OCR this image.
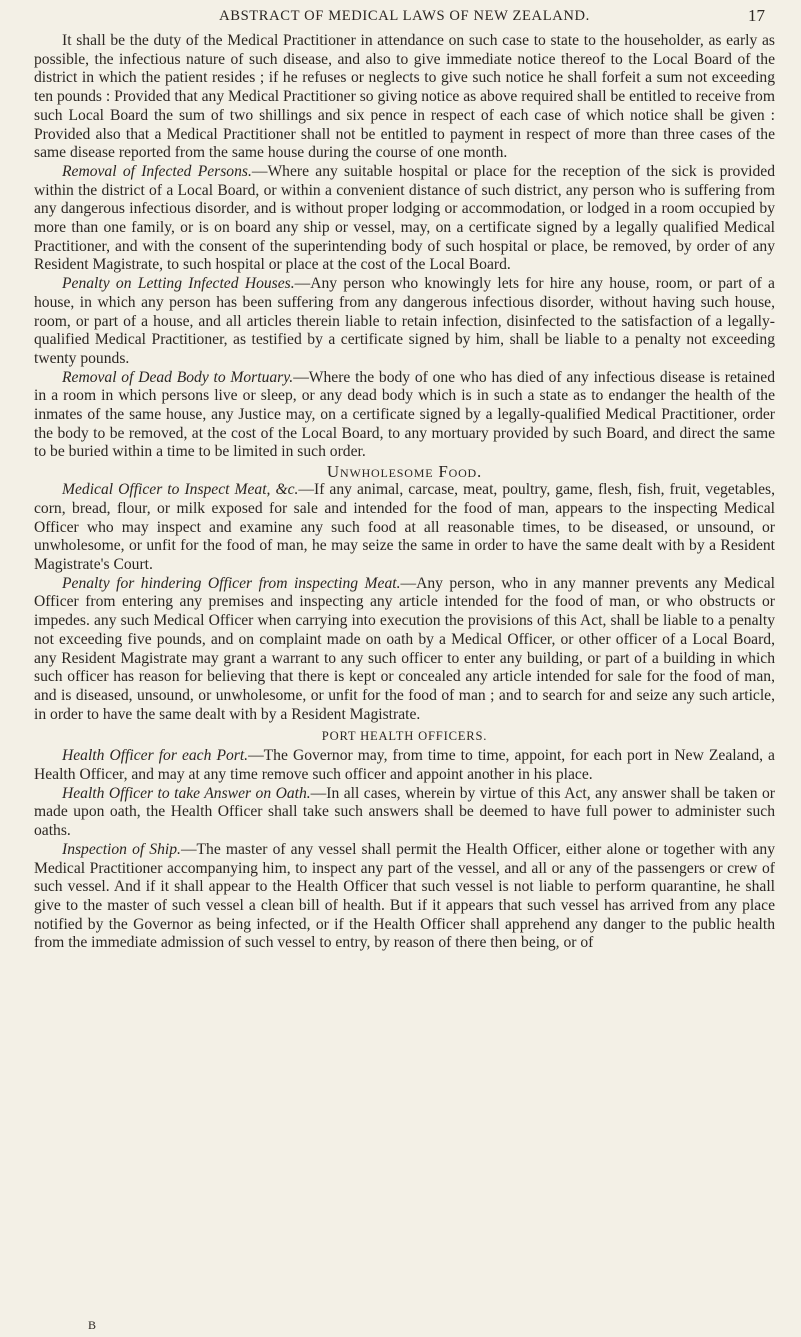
ABSTRACT OF MEDICAL LAWS OF NEW ZEALAND.	17

It shall be the duty of the Medical Practitioner in attendance on such case to state to the householder, as early as possible, the infectious nature of such disease, and also to give immediate notice thereof to the Local Board of the district in which the patient resides ; if he refuses or neglects to give such notice he shall forfeit a sum not exceeding ten pounds : Provided that any Medical Practitioner so giving notice as above required shall be entitled to receive from such Local Board the sum of two shillings and six pence in respect of each case of which notice shall be given : Provided also that a Medical Practitioner shall not be entitled to payment in respect of more than three cases of the same disease reported from the same house during the course of one month.

Removal of Infected Persons.—Where any suitable hospital or place for the reception of the sick is provided within the district of a Local Board, or within a convenient distance of such district, any person who is suffering from any dangerous infectious disorder, and is without proper lodging or accommodation, or lodged in a room occupied by more than one family, or is on board any ship or vessel, may, on a certificate signed by a legally qualified Medical Practitioner, and with the consent of the superintending body of such hospital or place, be removed, by order of any Resident Magistrate, to such hospital or place at the cost of the Local Board.

Penalty on Letting Infected Houses.—Any person who knowingly lets for hire any house, room, or part of a house, in which any person has been suffering from any dangerous infectious disorder, without having such house, room, or part of a house, and all articles therein liable to retain infection, disinfected to the satisfaction of a legally-qualified Medical Practitioner, as testified by a certificate signed by him, shall be liable to a penalty not exceeding twenty pounds.

Removal of Dead Body to Mortuary.—Where the body of one who has died of any infectious disease is retained in a room in which persons live or sleep, or any dead body which is in such a state as to endanger the health of the inmates of the same house, any Justice may, on a certificate signed by a legally-qualified Medical Practitioner, order the body to be removed, at the cost of the Local Board, to any mortuary provided by such Board, and direct the same to be buried within a time to be limited in such order.

Unwholesome Food.

Medical Officer to Inspect Meat, &c.—If any animal, carcase, meat, poultry, game, flesh, fish, fruit, vegetables, corn, bread, flour, or milk exposed for sale and intended for the food of man, appears to the inspecting Medical Officer who may inspect and examine any such food at all reasonable times, to be diseased, or unsound, or unwholesome, or unfit for the food of man, he may seize the same in order to have the same dealt with by a Resident Magistrate's Court.

Penalty for hindering Officer from inspecting Meat.—Any person, who in any manner prevents any Medical Officer from entering any premises and inspecting any article intended for the food of man, or who obstructs or impedes. any such Medical Officer when carrying into execution the provisions of this Act, shall be liable to a penalty not exceeding five pounds, and on complaint made on oath by a Medical Officer, or other officer of a Local Board, any Resident Magistrate may grant a warrant to any such officer to enter any building, or part of a building in which such officer has reason for believing that there is kept or concealed any article intended for sale for the food of man, and is diseased, unsound, or unwholesome, or unfit for the food of man ; and to search for and seize any such article, in order to have the same dealt with by a Resident Magistrate.

PORT HEALTH OFFICERS.

Health Officer for each Port.—The Governor may, from time to time, appoint, for each port in New Zealand, a Health Officer, and may at any time remove such officer and appoint another in his place.

Health Officer to take Answer on Oath.—In all cases, wherein by virtue of this Act, any answer shall be taken or made upon oath, the Health Officer shall take such answers shall be deemed to have full power to administer such oaths.

Inspection of Ship.—The master of any vessel shall permit the Health Officer, either alone or together with any Medical Practitioner accompanying him, to inspect any part of the vessel, and all or any of the passengers or crew of such vessel. And if it shall appear to the Health Officer that such vessel is not liable to perform quarantine, he shall give to the master of such vessel a clean bill of health. But if it appears that such vessel has arrived from any place notified by the Governor as being infected, or if the Health Officer shall apprehend any danger to the public health from the immediate admission of such vessel to entry, by reason of there then being, or of

B
